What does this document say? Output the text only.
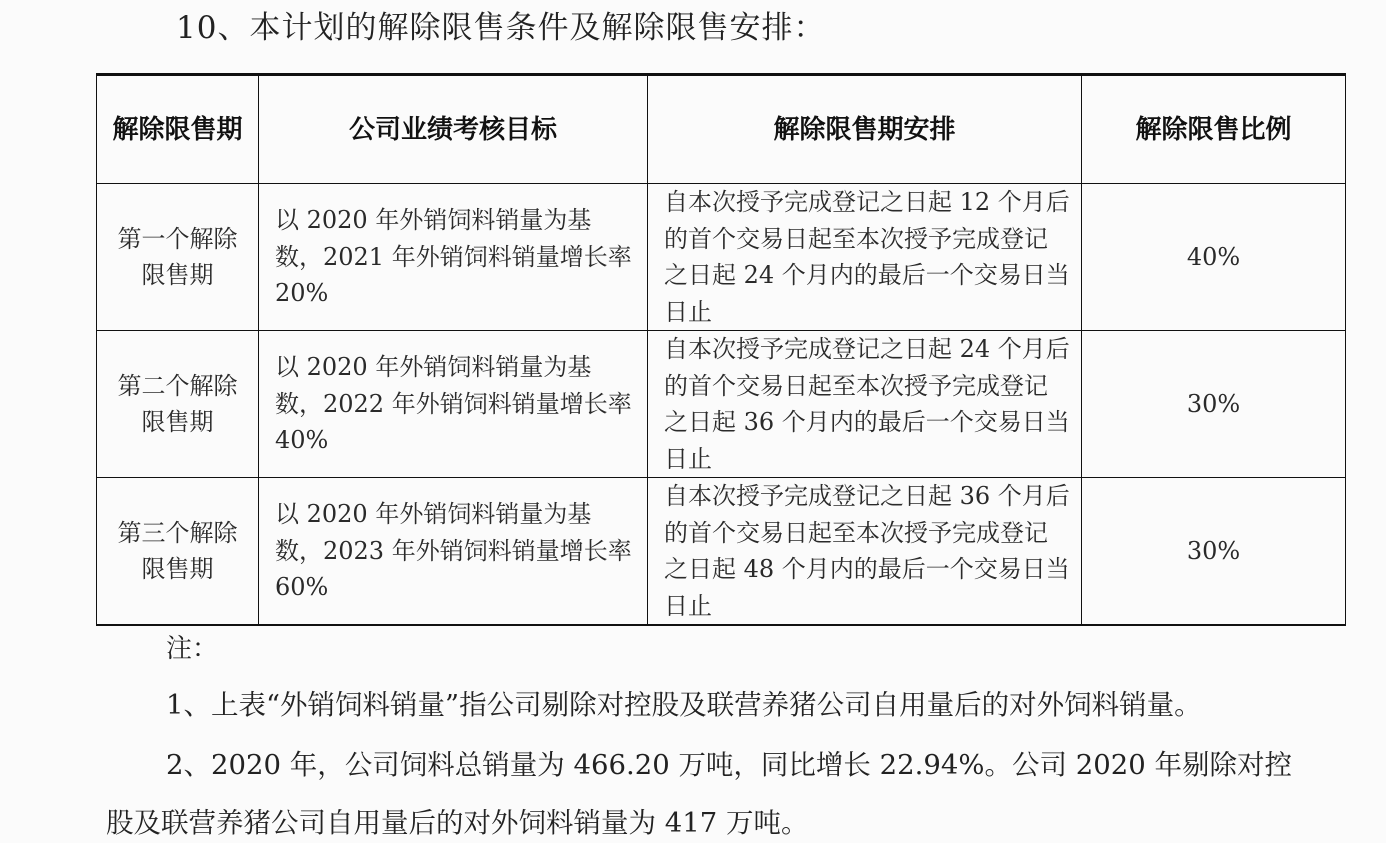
10、本计划的解除限售条件及解除限售安排：
解除限售期	公司业绩考核目标	解除限售期安排	解除限售比例
第一个解除限售期	以 2020 年外销饲料销量为基数，2021 年外销饲料销量增长率 20%	自本次授予完成登记之日起 12 个月后的首个交易日起至本次授予完成登记之日起 24 个月内的最后一个交易日当日止	40%
第二个解除限售期	以 2020 年外销饲料销量为基数，2022 年外销饲料销量增长率 40%	自本次授予完成登记之日起 24 个月后的首个交易日起至本次授予完成登记之日起 36 个月内的最后一个交易日当日止	30%
第三个解除限售期	以 2020 年外销饲料销量为基数，2023 年外销饲料销量增长率 60%	自本次授予完成登记之日起 36 个月后的首个交易日起至本次授予完成登记之日起 48 个月内的最后一个交易日当日止	30%
注：
1、上表“外销饲料销量”指公司剔除对控股及联营养猪公司自用量后的对外饲料销量。
2、2020 年，公司饲料总销量为 466.20 万吨，同比增长 22.94%。公司 2020 年剔除对控
股及联营养猪公司自用量后的对外饲料销量为 417 万吨。
